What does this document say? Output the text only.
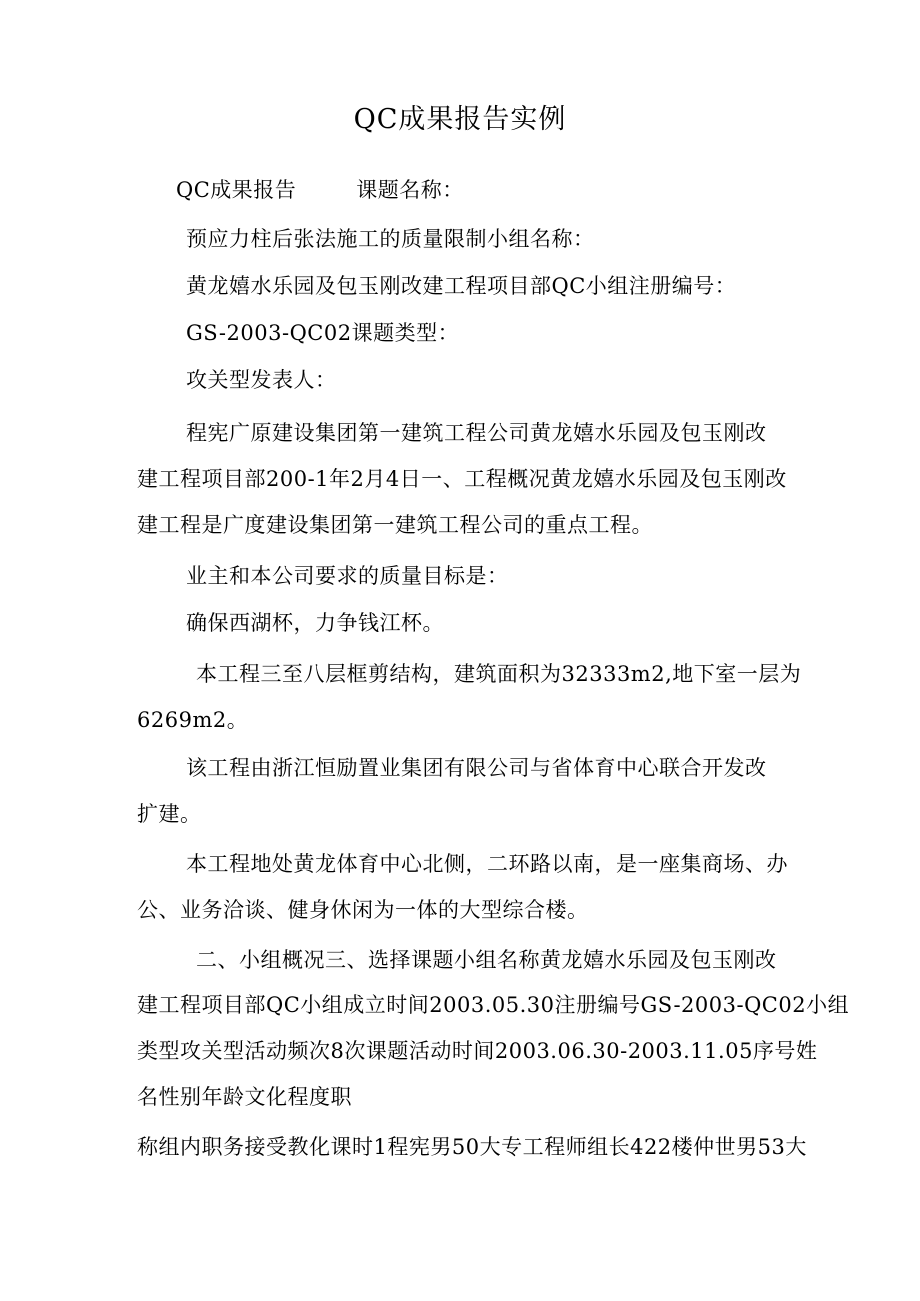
QC成果报告实例
QC成果报告	课题名称：
预应力柱后张法施工的质量限制小组名称：
黄龙嬉水乐园及包玉刚改建工程项目部QC小组注册编号：
GS-2003-QC02课题类型：
攻关型发表人：
程宪广原建设集团第一建筑工程公司黄龙嬉水乐园及包玉刚改
建工程项目部200-1年2月4日一、工程概况黄龙嬉水乐园及包玉刚改
建工程是广度建设集团第一建筑工程公司的重点工程。
业主和本公司要求的质量目标是：
确保西湖杯，力争钱江杯。
本工程三至八层框剪结构，建筑面积为32333m2,地下室一层为
6269m2。
该工程由浙江恒励置业集团有限公司与省体育中心联合开发改
扩建。
本工程地处黄龙体育中心北侧，二环路以南，是一座集商场、办
公、业务洽谈、健身休闲为一体的大型综合楼。
二、小组概况三、选择课题小组名称黄龙嬉水乐园及包玉刚改
建工程项目部QC小组成立时间2003.05.30注册编号GS-2003-QC02小组
类型攻关型活动频次8次课题活动时间2003.06.30-2003.11.05序号姓
名性别年龄文化程度职
称组内职务接受教化课时1程宪男50大专工程师组长422楼仲世男53大
